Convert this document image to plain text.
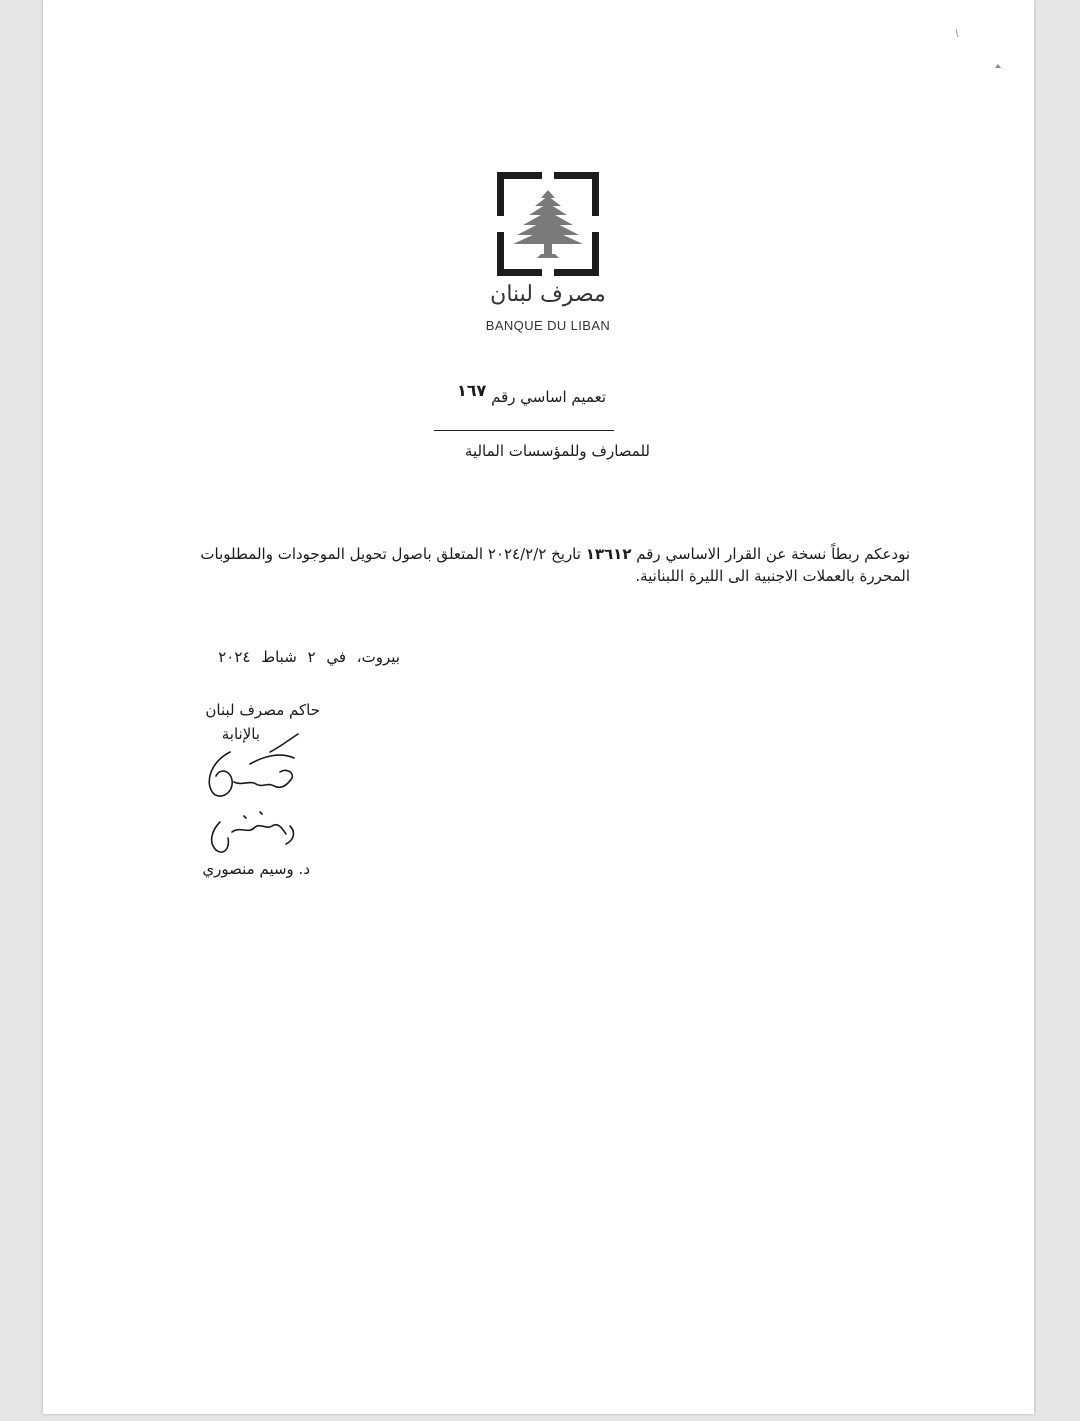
مصرف لبنان
BANQUE DU LIBAN
تعميم اساسي رقم ١٦٧
للمصارف وللمؤسسات المالية
نودعكم ربطاً نسخة عن القرار الاساسي رقم ١٣٦١٢ تاريخ ٢٠٢٤/٢/٢ المتعلق باصول تحويل الموجودات والمطلوبات المحررة بالعملات الاجنبية الى الليرة اللبنانية.
بيروت، في ٢ شباط ٢٠٢٤
حاكم مصرف لبنان
بالإنابة
د. وسيم منصوري
